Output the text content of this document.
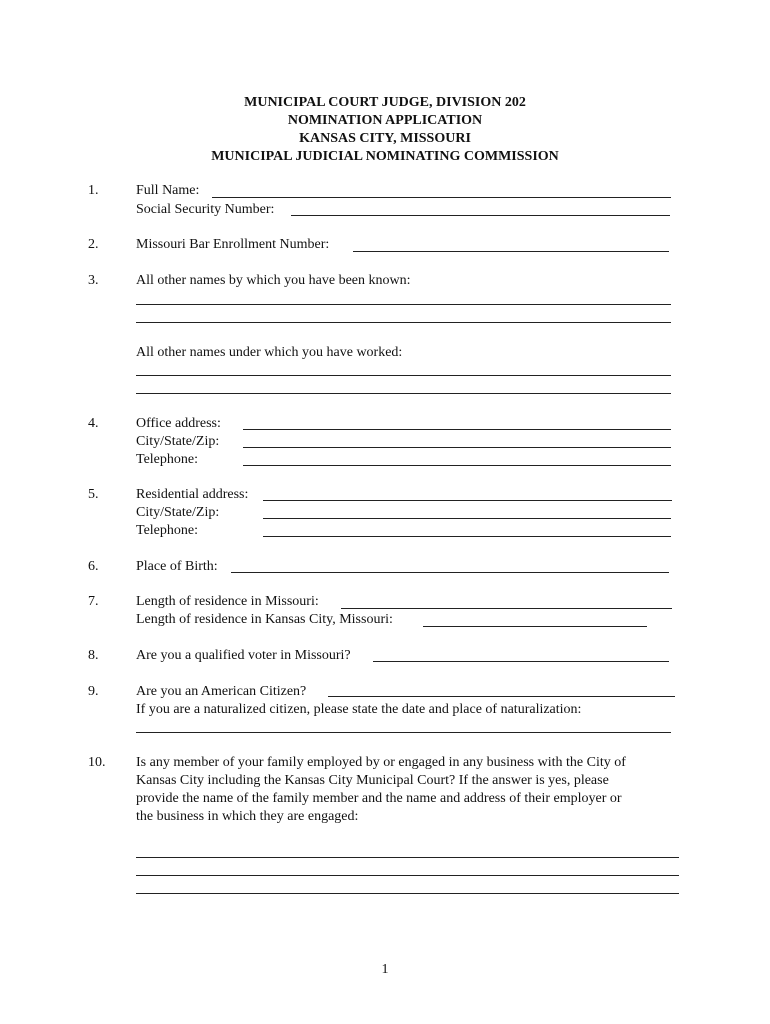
MUNICIPAL COURT JUDGE, DIVISION 202
NOMINATION APPLICATION
KANSAS CITY, MISSOURI
MUNICIPAL JUDICIAL NOMINATING COMMISSION
1.	Full Name:
Social Security Number:
2.	Missouri Bar Enrollment Number:
3.	All other names by which you have been known:
All other names under which you have worked:
4.	Office address:
City/State/Zip:
Telephone:
5.	Residential address:
City/State/Zip:
Telephone:
6.	Place of Birth:
7.	Length of residence in Missouri:
Length of residence in Kansas City, Missouri:
8.	Are you a qualified voter in Missouri?
9.	Are you an American Citizen?
If you are a naturalized citizen, please state the date and place of naturalization:
10. Is any member of your family employed by or engaged in any business with the City of
Kansas City including the Kansas City Municipal Court? If the answer is yes, please
provide the name of the family member and the name and address of their employer or
the business in which they are engaged:
1
